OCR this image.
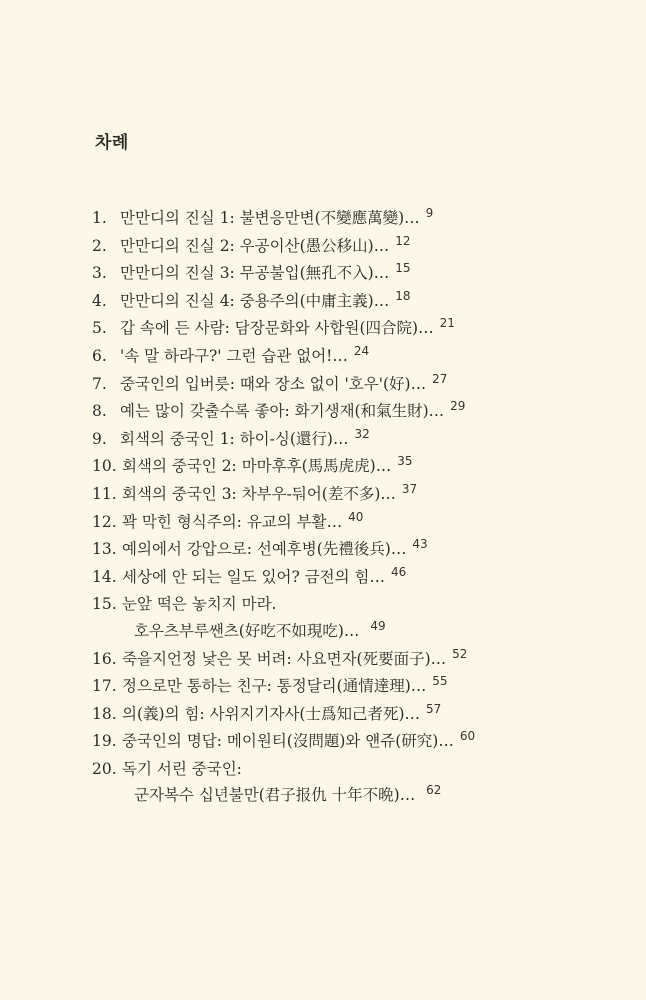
차례
1. 만만디의 진실 1: 불변응만변(不變應萬變)… 9
2. 만만디의 진실 2: 우공이산(愚公移山)… 12
3. 만만디의 진실 3: 무공불입(無孔不入)… 15
4. 만만디의 진실 4: 중용주의(中庸主義)… 18
5. 갑 속에 든 사람: 담장문화와 사합원(四合院)… 21
6. '속 말 하라구?' 그런 습관 없어!… 24
7. 중국인의 입버릇: 때와 장소 없이 '호우'(好)… 27
8. 예는 많이 갖출수록 좋아: 화기생재(和氣生財)… 29
9. 회색의 중국인 1: 하이-싱(還行)… 32
10. 회색의 중국인 2: 마마후후(馬馬虎虎)… 35
11. 회색의 중국인 3: 차부우-둬어(差不多)… 37
12. 꽉 막힌 형식주의: 유교의 부활… 40
13. 예의에서 강압으로: 선예후병(先禮後兵)… 43
14. 세상에 안 되는 일도 있어? 금전의 힘… 46
15. 눈앞 떡은 놓치지 마라.
호우츠부루쌘츠(好吃不如現吃)… $^{49}$
16. 죽을지언정 낯은 못 버려: 사요면자(死要面子)… 52
17. 정으로만 통하는 친구: 통정달리(通情達理)… 55
18. 의(義)의 힘: 사위지기자사(士爲知己者死)… 57
19. 중국인의 명답: 메이원티(沒問題)와 얜쥬(研究)… 60
20. 독기 서린 중국인:
군자복수 십년불만(君子报仇 十年不晩)… $^{62}$
